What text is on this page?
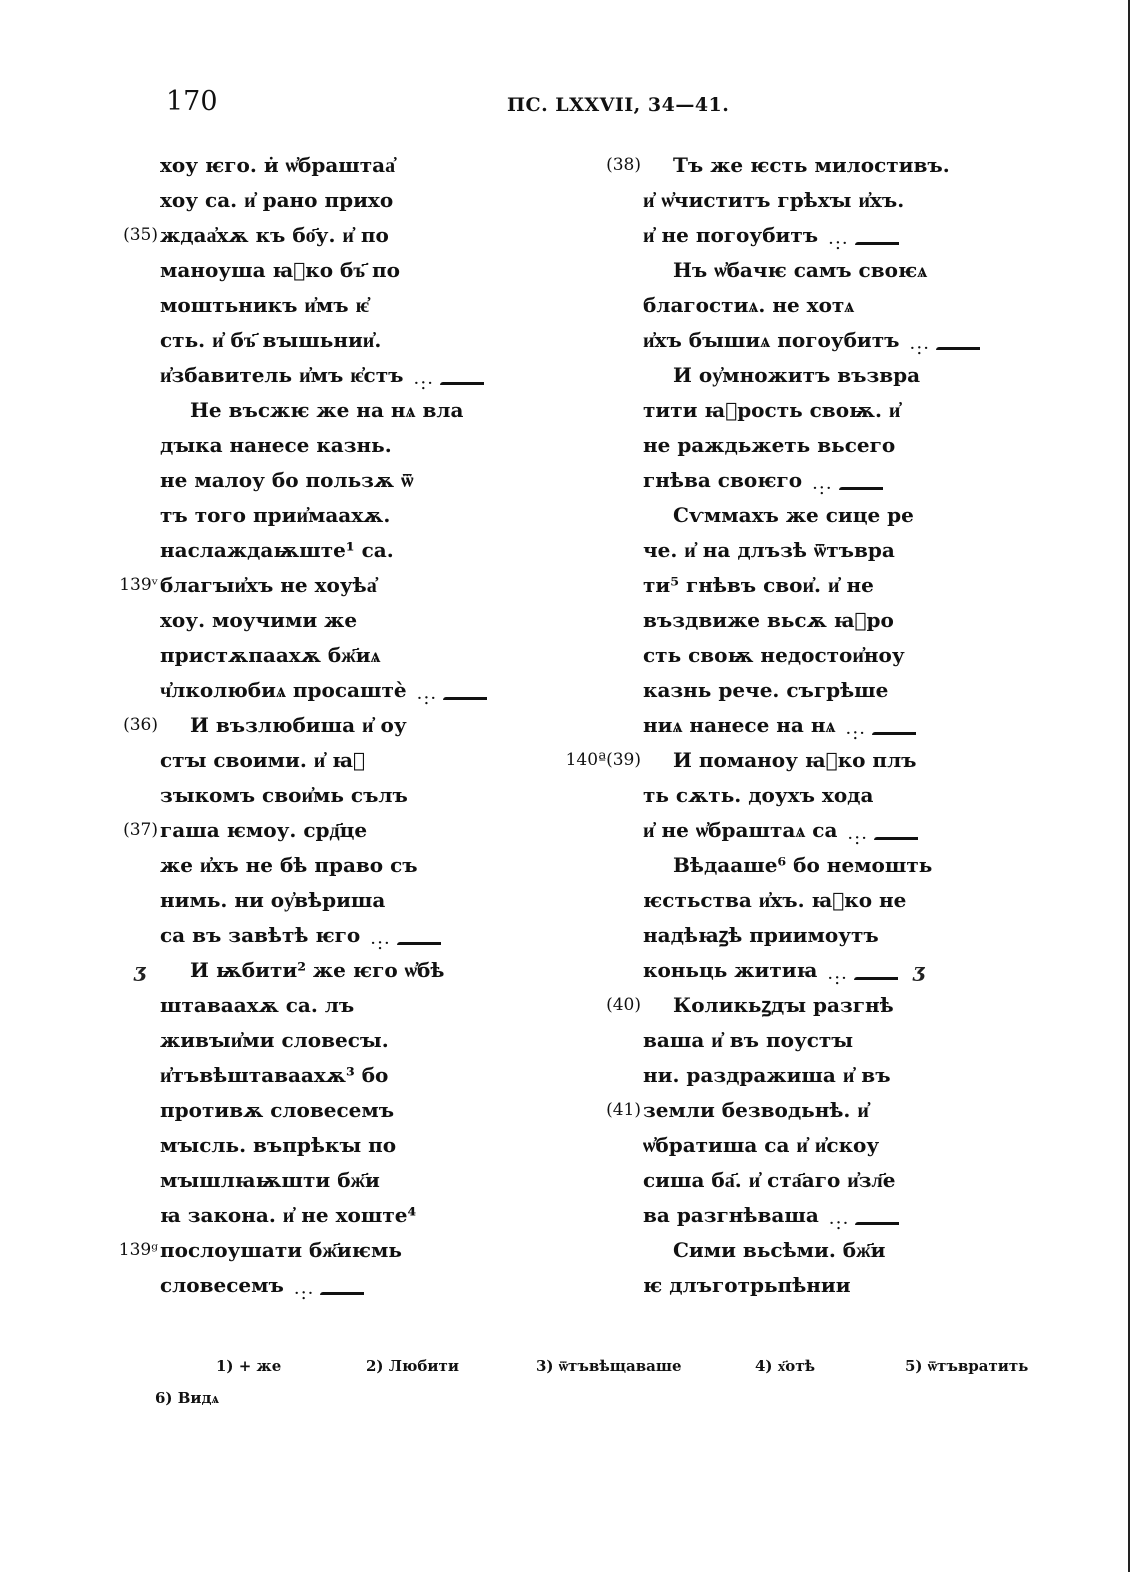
170	ПС. LXXVII, 34—41.
хоу ѥго. и̇ ѡ҆браштаа҆
хоу са. и҆ рано прихо
(35) ждаа҆хѫ къ бо҃у. и҆ по
маноуша ꙗ҆ко бъ҃ по
моштьникъ и҆мъ ѥ҆
сть. и҆ бъ҃ вꙑшьнии҆.
и҆збавитель и҆мъ ѥ҆стъ ·:·
Не въсжѥ же на нѧ вла
дꙑка нанесе казнь.
не малоу бо пользѫ ѿ
тъ того прии҆маахѫ.
наслаждаѭште¹ са.
139ᵛ благꙑи҆хъ не хоуѣа҆
хоу. моучими же
пристѫпаахѫ бж҃иѧ
ч҆лколюбиѧ просаштѐ ·:·
(36) И възлюбиша и҆ оу
стꙑ своими. и҆ ꙗ҆
зꙑкомъ свои҆мь сълъ
(37) гаша ѥмоу. срд҃це
же и҆хъ не бѣ право съ
нимь. ни оу҆вѣриша
са въ завѣтѣ ѥго ·:·
И ѭбити² же ѥго ѡ҆бѣ
ʒ
штаваахѫ са. лъ
живꙑи҆ми словесꙑ.
и҆тъвѣштаваахѫ³ бо
противѫ словесемъ
мꙑсль. въпрѣкꙑ по
мꙑшлꙗѭшти бж҃и
ꙗ закона. и҆ не хоште⁴
139ᵍ послоушати бж҃иѥмь
словесемъ ·:·
(38) Тъ же ѥсть милостивъ.
и҆ ѡ҆чиститъ грѣхꙑ и҆хъ.
и҆ не погоубитъ ·:·
Нъ ѡ҆бачѥ самъ своѥѧ
благостиѧ. не хотѧ
и҆хъ бꙑшиѧ погоубитъ ·:·
И оу҆множитъ възвра
тити ꙗ҆рость своѭ. и҆
не раждьжеть вьсего
гнѣва своѥго ·:·
Сѵммахъ же сице ре
че. и҆ на длъзѣ ѿтъвра
ти⁵ гнѣвъ свои҆. и҆ не
въздвиже вьсѫ ꙗ҆ро
сть своѭ недостои҆ноу
казнь рече. съгрѣше
ниѧ нанесе на нѧ ·:·
140ª(39) И поманоу ꙗ҆ко плъ
ть сѫть. доухъ хода
и҆ не ѡ҆браштаѧ са ·:·
Вѣдааше⁶ бо немошть
ѥстьства и҆хъ. ꙗ҆ко не
надѣꙗꙁѣ приимоутъ
коньць житиꙗ ·:·	ʒ
(40) Коликьꙁдꙑ разгнѣ
ваша и҆ въ поустꙑ
ни. раздражиша и҆ въ
(41) земли безводьнѣ. и҆
ѡ҆братиша са и҆ и҆скоу
сиша ба҃. и҆ ста҃аго и҆зл҃е
ва разгнѣваша ·:·
Сими вьсѣми. бж҃и
ѥ длъготрьпѣнии
1) + же	2) Любити	3) ѿтъвѣщаваше	4) х҃отѣ	5) ѿтъвратить
6) Видѧ
